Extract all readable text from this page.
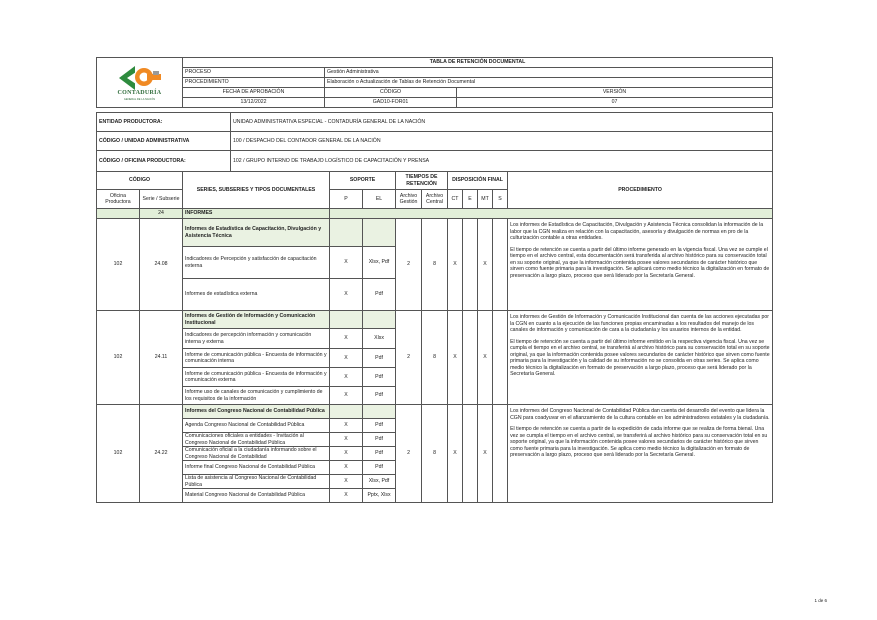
CONTADURÍA
GENERAL DE LA NACIÓN	TABLA DE RETENCIÓN DOCUMENTAL		
	PROCESO	Gestión Administrativa	
	PROCEDIMIENTO	Elaboración o Actualización de Tablas de Retención Documental	
	FECHA DE APROBACIÓN	CÓDIGO	VERSIÓN
	13/12/2022	GAD10-FOR01	07
ENTIDAD PRODUCTORA:	UNIDAD ADMINISTRATIVA ESPECIAL - CONTADURÍA GENERAL DE LA NACIÓN
CÓDIGO / UNIDAD ADMINISTRATIVA	100 / DESPACHO DEL CONTADOR GENERAL DE LA NACIÓN
CÓDIGO / OFICINA PRODUCTORA:	102 / GRUPO INTERNO DE TRABAJO LOGÍSTICO DE CAPACITACIÓN Y PRENSA
CÓDIGO		SERIES, SUBSERIES Y TIPOS DOCUMENTALES	SOPORTE		TIEMPOS DE RETENCIÓN		DISPOSICIÓN FINAL				PROCEDIMIENTO
Oficina Productora	Serie / Subserie		P	EL	Archivo Gestión	Archivo Central	CT	E	MT	S	
	24	INFORMES									
102	24.08	Informes de Estadística de Capacitación, Divulgación y Asistencia Técnica			2	8	X		X		Los informes de Estadística de Capacitación, Divulgación y Asistencia Técnica consolidan la información de la labor que la CGN realiza en relación con la capacitación, asesoría y divulgación de normas en pro de la culturización contable a otras entidades.
El tiempo de retención se cuenta a partir del último informe generado en la vigencia fiscal. Una vez se cumple el tiempo en el archivo central, esta documentación será transferida al archivo histórico para su conservación total en su soporte original, ya que la información contenida posee valores secundarios de carácter histórico que sirven como fuente primaria para la investigación. Se aplicará como medio técnico la digitalización en formato de preservación a largo plazo, proceso que será liderado por la Secretaría General.

		Indicadores de Percepción y satisfacción de capacitación externa	X	Xlsx, Pdf							
		Informes de estadística externa	X	Pdf							
102	24.11	Informes de Gestión de Información y Comunicación Institucional			2	8	X		X		Los informes de Gestión de Información y Comunicación Institucional dan cuenta de las acciones ejecutadas por la CGN en cuanto a la ejecución de las funciones propias encaminadas a los resultados del manejo de los canales de información y comunicación de cara a la ciudadanía y los usuarios internos de la entidad.
El tiempo de retención se cuenta a partir del último informe emitido en la respectiva vigencia fiscal. Una vez se cumpla el tiempo en el archivo central, se transferirá al archivo histórico para su conservación total en su soporte original, ya que la información contenida posee valores secundarios de carácter histórico que sirven como fuente primaria para la investigación y la calidad de su información no se consolida en otras series. Se aplica como medio técnico la digitalización en formato de preservación a largo plazo, proceso que será liderado por la Secretaría General.

		Indicadores de percepción información y comunicación interna y externa	X	Xlsx							
		Informe de comunicación pública - Encuesta de información y comunicación interna	X	Pdf							
		Informe de comunicación pública - Encuesta de información y comunicación externa	X	Pdf							
		Informe uso de canales de comunicación y cumplimiento de los requisitos de la información	X	Pdf							
102	24.22	Informes del Congreso Nacional de Contabilidad Pública			2	8	X		X		Los informes del Congreso Nacional de Contabilidad Pública dan cuenta del desarrollo del evento que lidera la CGN para coadyuvar en el afianzamiento de la cultura contable en los administradores estatales y la ciudadanía.
El tiempo de retención se cuenta a partir de la expedición de cada informe que se realiza de forma bienal. Una vez se cumpla el tiempo en el archivo central, se transferirá al archivo histórico para su conservación total en su soporte original, ya que la información contenida posee valores secundarios de carácter histórico que sirven como fuente primaria para la investigación. Se aplica como medio técnico la digitalización en formato de preservación a largo plazo, proceso que será liderado por la Secretaría General.

		Agenda Congreso Nacional de Contabilidad Pública	X	Pdf							
		Comunicaciones oficiales a entidades - Invitación al Congreso Nacional de Contabilidad Pública	X	Pdf							
		Comunicación oficial a la ciudadanía informando sobre el Congreso Nacional de Contabilidad	X	Pdf							
		Informe final Congreso Nacional de Contabilidad Pública	X	Pdf							
		Lista de asistencia al Congreso Nacional de Contabilidad Pública	X	Xlsx, Pdf							
		Material Congreso Nacional de Contabilidad Pública	X	Pptx, Xlsx							
1 de 6
